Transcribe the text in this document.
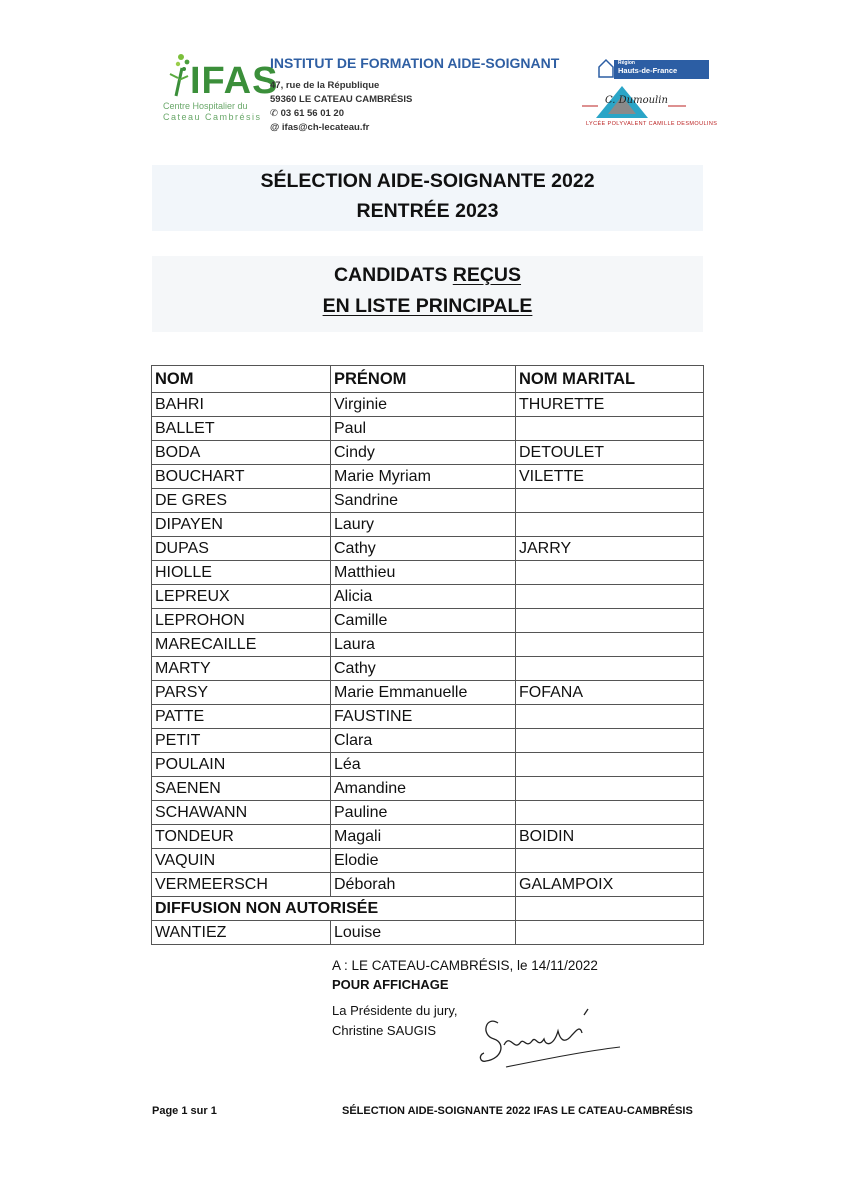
IFAS
Centre Hospitalier du
Cateau Cambrésis
INSTITUT DE FORMATION AIDE-SOIGNANT
47, rue de la République
59360 LE CATEAU CAMBRÉSIS
✆ 03 61 56 01 20
@ ifas@ch-lecateau.fr
Région
Hauts-de-France
C. Dumoulin
LYCÉE POLYVALENT CAMILLE DESMOULINS
SÉLECTION AIDE-SOIGNANTE 2022
RENTRÉE 2023
CANDIDATS REÇUS
EN LISTE PRINCIPALE
NOM	PRÉNOM	NOM MARITAL
BAHRI	Virginie	THURETTE
BALLET	Paul	
BODA	Cindy	DETOULET
BOUCHART	Marie Myriam	VILETTE
DE GRES	Sandrine	
DIPAYEN	Laury	
DUPAS	Cathy	JARRY
HIOLLE	Matthieu	
LEPREUX	Alicia	
LEPROHON	Camille	
MARECAILLE	Laura	
MARTY	Cathy	
PARSY	Marie Emmanuelle	FOFANA
PATTE	FAUSTINE	
PETIT	Clara	
POULAIN	Léa	
SAENEN	Amandine	
SCHAWANN	Pauline	
TONDEUR	Magali	BOIDIN
VAQUIN	Elodie	
VERMEERSCH	Déborah	GALAMPOIX
DIFFUSION NON AUTORISÉE		
WANTIEZ	Louise	
A : LE CATEAU-CAMBRÉSIS, le 14/11/2022
POUR AFFICHAGE
La Présidente du jury,
Christine SAUGIS
Page 1 sur 1	SÉLECTION AIDE-SOIGNANTE 2022 IFAS LE CATEAU-CAMBRÉSIS
